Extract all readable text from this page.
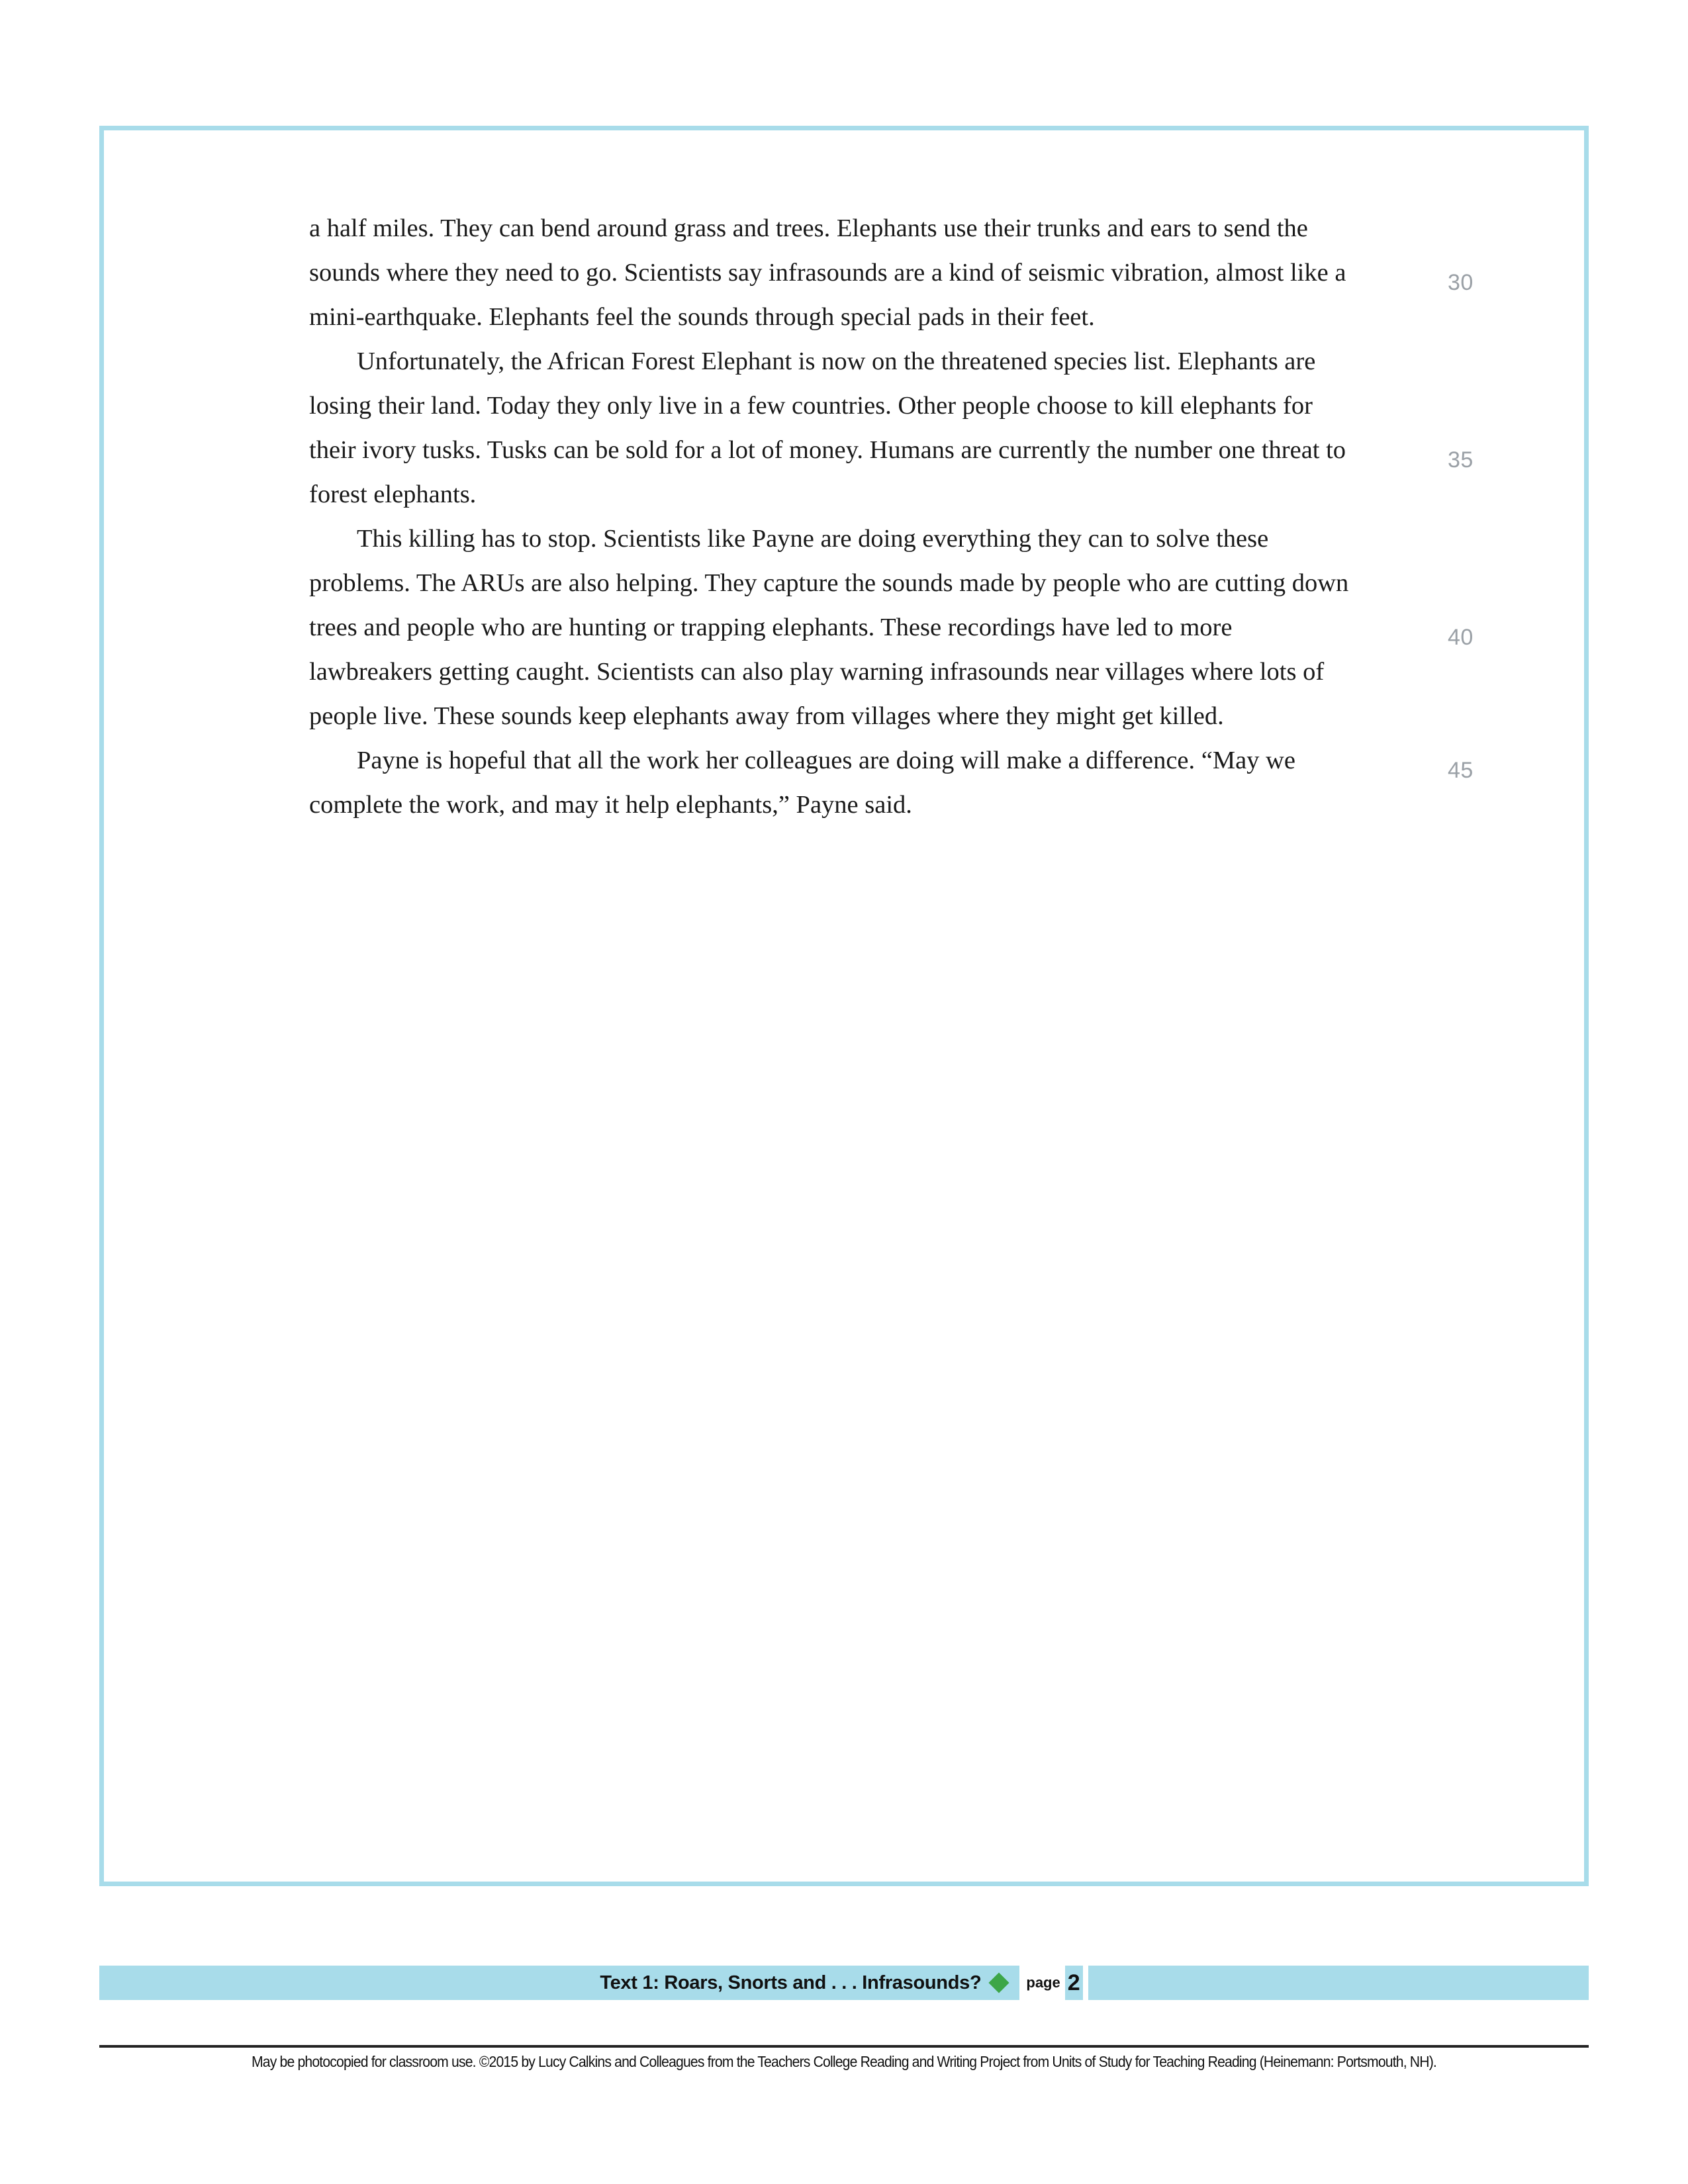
a half miles. They can bend around grass and trees. Elephants use their trunks and ears to send the sounds where they need to go. Scientists say infrasounds are a kind of seismic vibration, almost like a mini-earthquake. Elephants feel the sounds through special pads in their feet.

Unfortunately, the African Forest Elephant is now on the threatened species list. Elephants are losing their land. Today they only live in a few countries. Other people choose to kill elephants for their ivory tusks. Tusks can be sold for a lot of money. Humans are currently the number one threat to forest elephants.

This killing has to stop. Scientists like Payne are doing everything they can to solve these problems. The ARUs are also helping. They capture the sounds made by people who are cutting down trees and people who are hunting or trapping elephants. These recordings have led to more lawbreakers getting caught. Scientists can also play warning infrasounds near villages where lots of people live. These sounds keep elephants away from villages where they might get killed.

Payne is hopeful that all the work her colleagues are doing will make a difference. “May we complete the work, and may it help elephants,” Payne said.

30
35
40
45
Text 1: Roars, Snorts and . . . Infrasounds?	page 2
May be photocopied for classroom use. ©2015 by Lucy Calkins and Colleagues from the Teachers College Reading and Writing Project from Units of Study for Teaching Reading (Heinemann: Portsmouth, NH).
